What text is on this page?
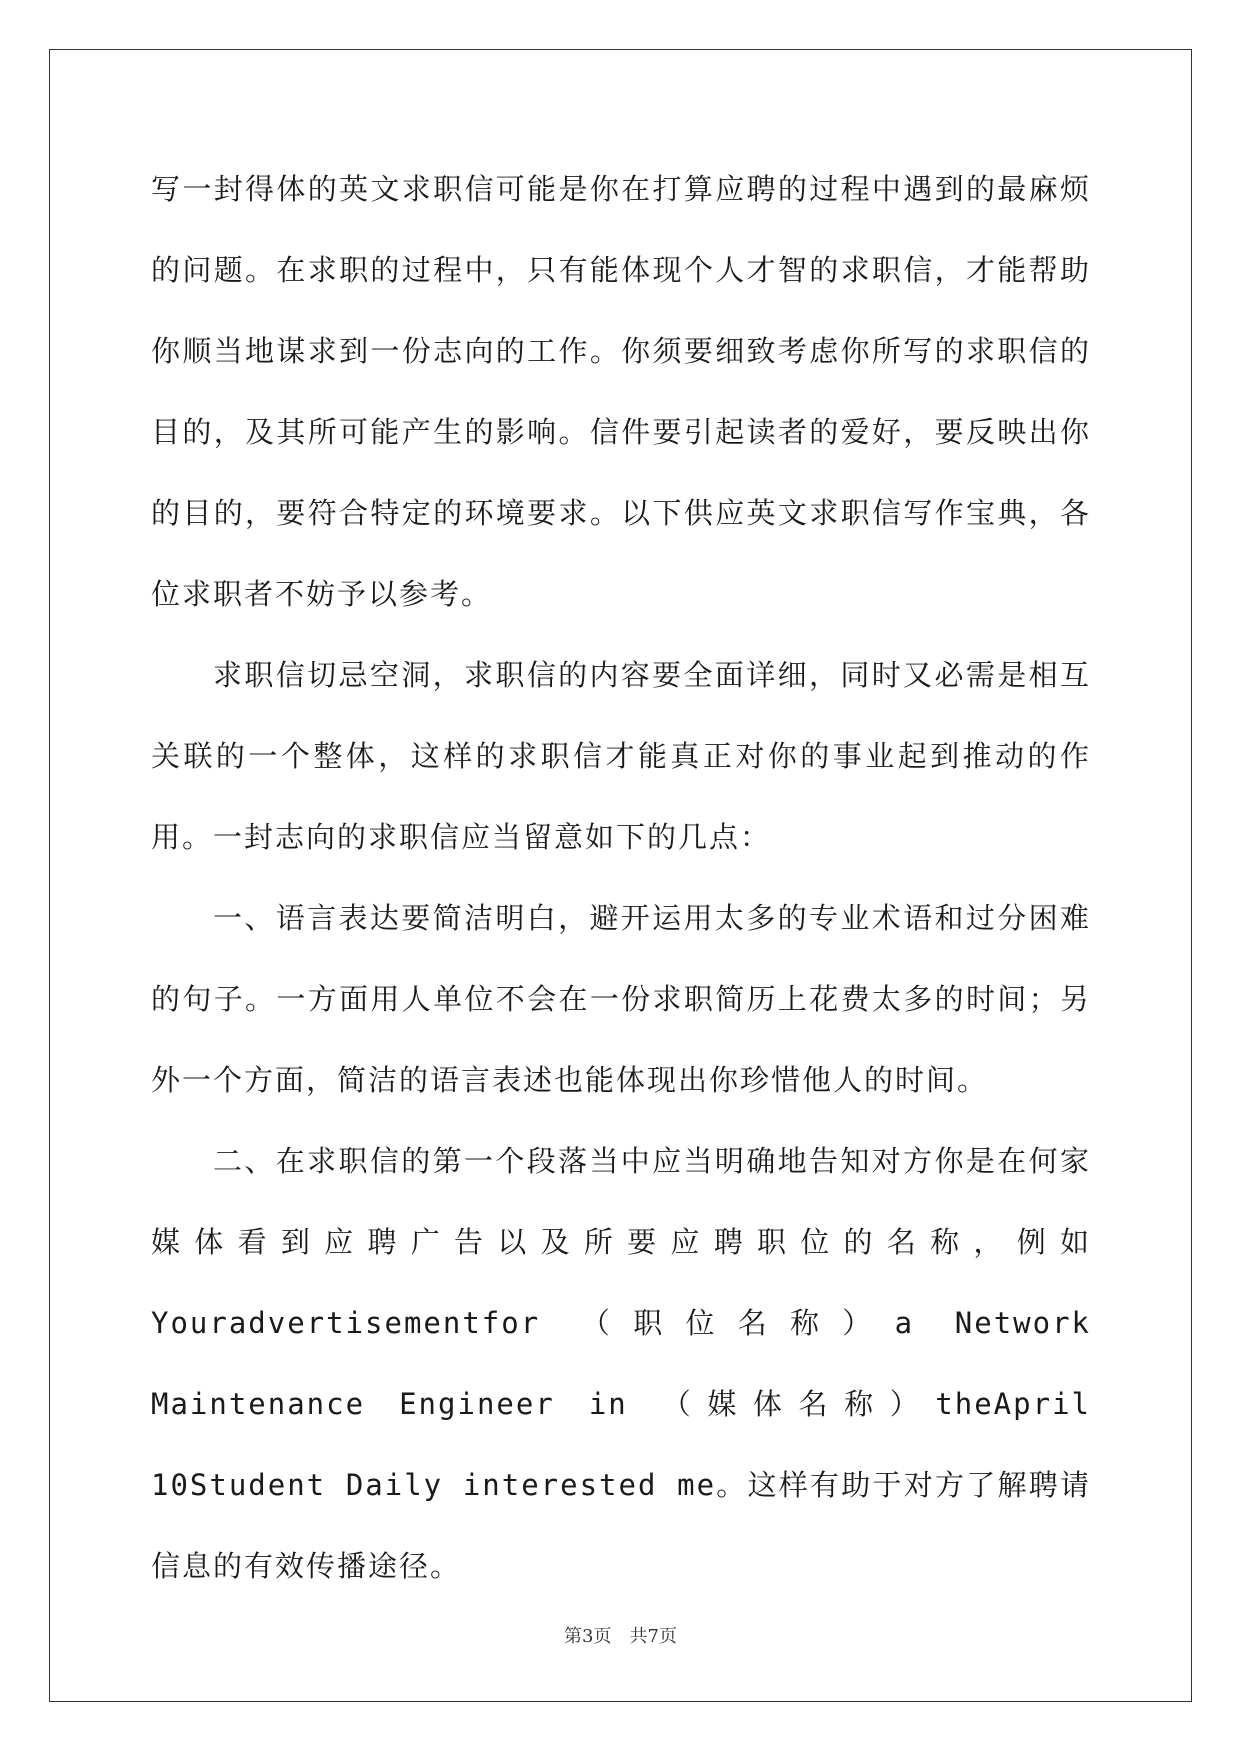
写一封得体的英文求职信可能是你在打算应聘的过程中遇到的最麻烦的问题。在求职的过程中，只有能体现个人才智的求职信，才能帮助你顺当地谋求到一份志向的工作。你须要细致考虑你所写的求职信的目的，及其所可能产生的影响。信件要引起读者的爱好，要反映出你的目的，要符合特定的环境要求。以下供应英文求职信写作宝典，各位求职者不妨予以参考。

求职信切忌空洞，求职信的内容要全面详细，同时又必需是相互关联的一个整体，这样的求职信才能真正对你的事业起到推动的作用。一封志向的求职信应当留意如下的几点：

一、语言表达要简洁明白，避开运用太多的专业术语和过分困难的句子。一方面用人单位不会在一份求职简历上花费太多的时间；另外一个方面，简洁的语言表述也能体现出你珍惜他人的时间。

二、在求职信的第一个段落当中应当明确地告知对方你是在何家媒体看到应聘广告以及所要应聘职位的名称，例如 Youradvertisementfor （职位名称）a Network Maintenance Engineer in （媒体名称）theApril 10Student Daily interested me。这样有助于对方了解聘请信息的有效传播途径。

第3页　共7页
